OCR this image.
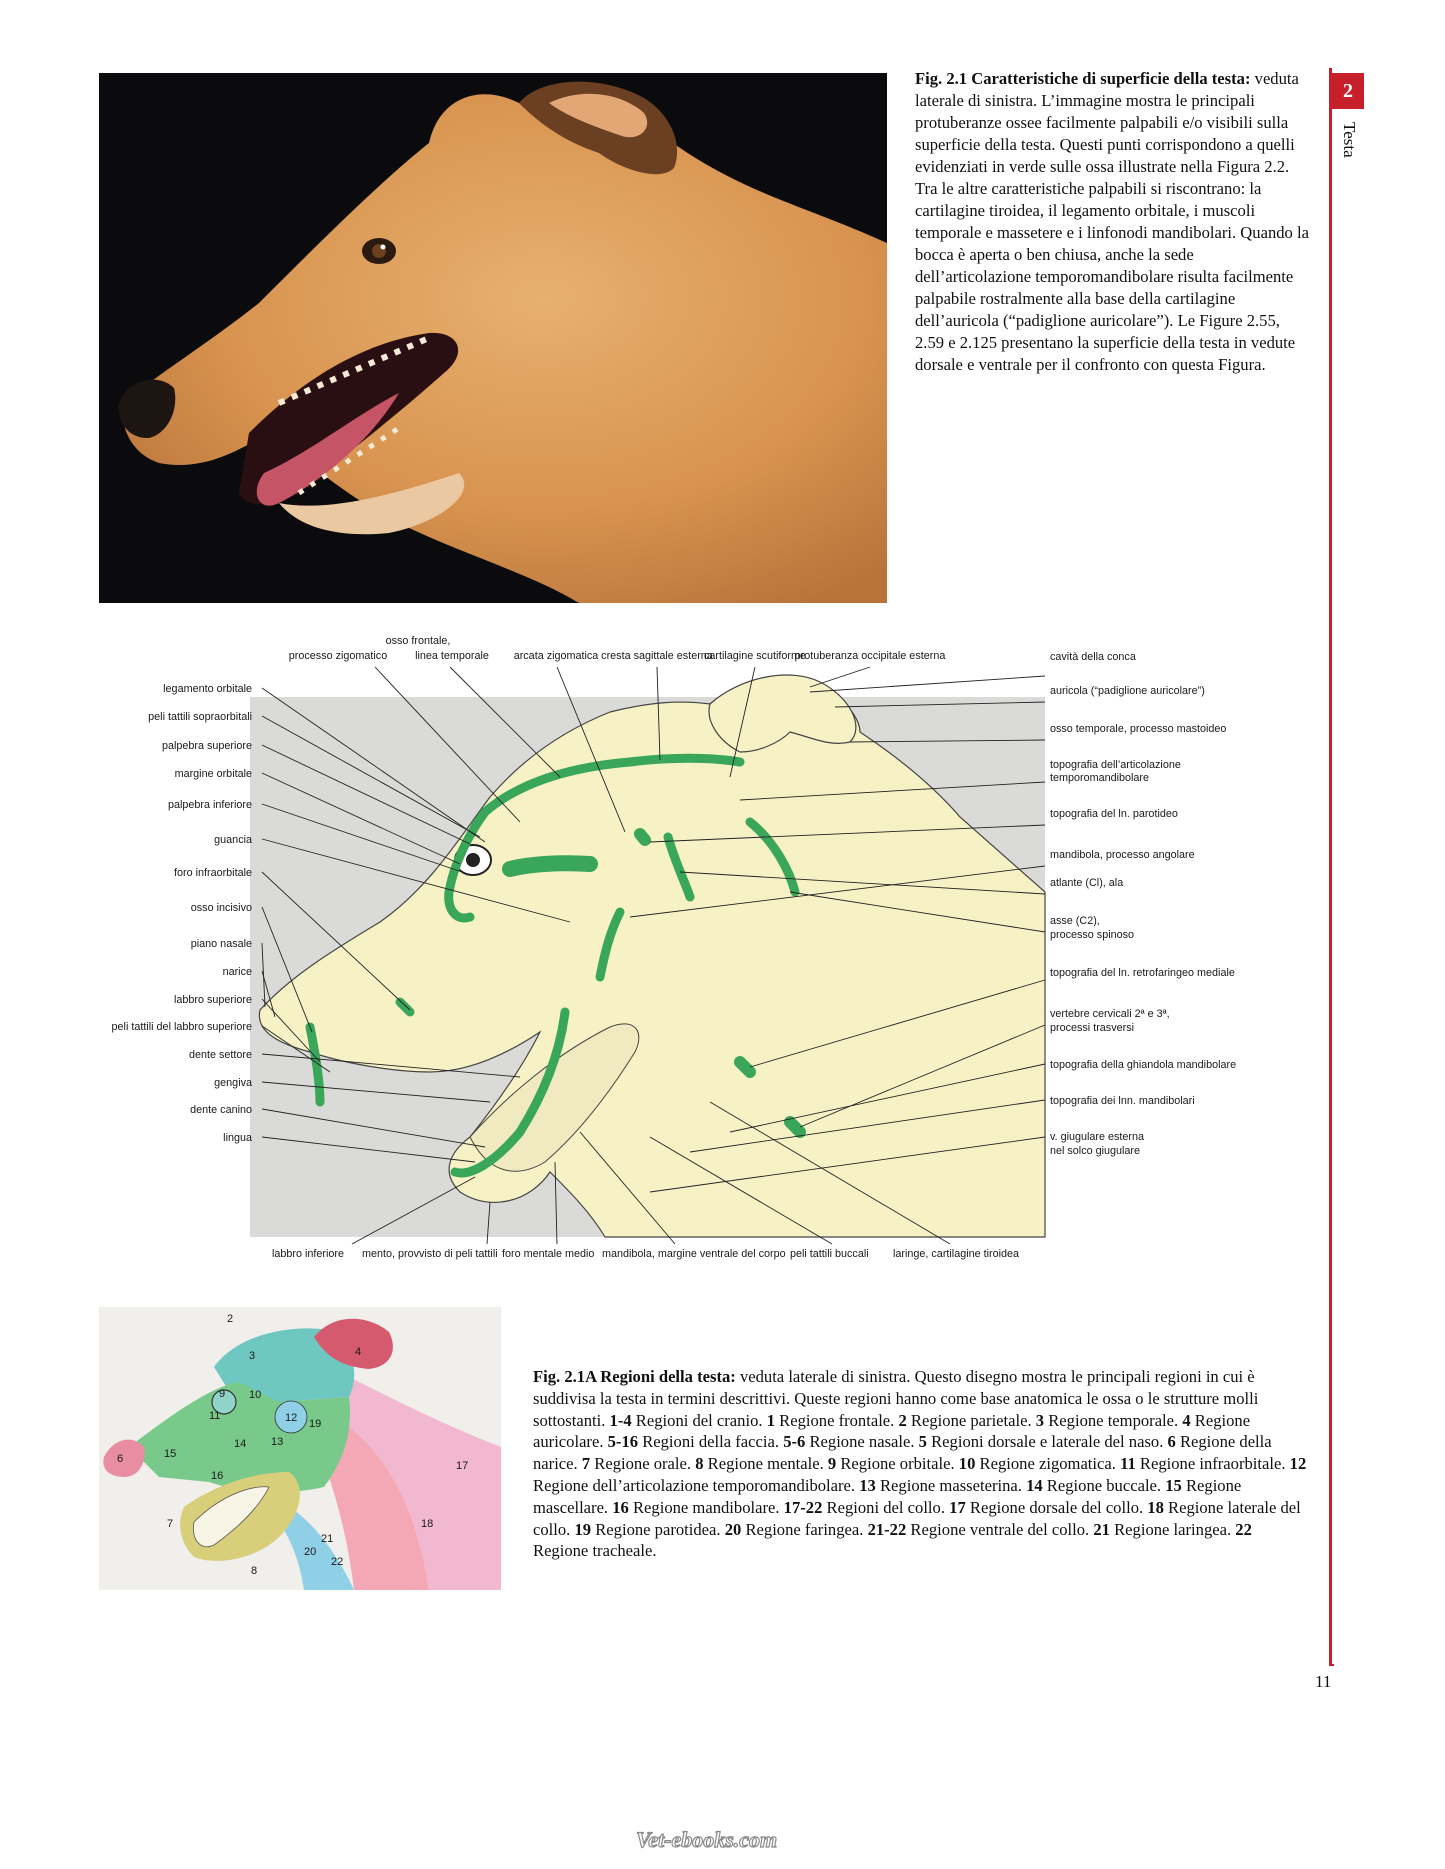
Fig. 2.1 Caratteristiche di superficie della testa: veduta laterale di sinistra. L’immagine mostra le principali protuberanze ossee facilmente palpabili e/o visibili sulla superficie della testa. Questi punti corrispondono a quelli evidenziati in verde sulle ossa illustrate nella Figura 2.2. Tra le altre caratteristiche palpabili si riscontrano: la cartilagine tiroidea, il legamento orbitale, i muscoli temporale e massetere e i linfonodi mandibolari. Quando la bocca è aperta o ben chiusa, anche la sede dell’articolazione temporomandibolare risulta facilmente palpabile rostralmente alla base della cartilagine dell’auricola (“padiglione auricolare”). Le Figure 2.55, 2.59 e 2.125 presentano la superficie della testa in vedute dorsale e ventrale per il confronto con questa Figura.
2
Testa
osso frontale,
processo zigomatico	linea temporale arcata zigomatica cresta sagittale esterna
cartilagine scutiforme
protuberanza occipitale esterna
legamento orbitale
peli tattili sopraorbitali
palpebra superiore
margine orbitale
palpebra inferiore
guancia
foro infraorbitale
osso incisivo
piano nasale
narice
labbro superiore
peli tattili del labbro superiore
dente settore
gengiva
dente canino
lingua
cavità della conca
auricola (“padiglione auricolare”)
osso temporale, processo mastoideo
topografia dell’articolazione
temporomandibolare
topografia del ln. parotideo
mandibola, processo angolare
atlante (Cl), ala
asse (C2),
processo spinoso
topografia del ln. retrofaringeo mediale
vertebre cervicali 2ª e 3ª,
processi trasversi
topografia della ghiandola mandibolare
topografia dei lnn. mandibolari
v. giugulare esterna
nel solco giugulare
labbro inferiore mento, provvisto di peli tattili foro mentale medio mandibola, margine ventrale del corpo peli tattili buccali laringe, cartilagine tiroidea
2
3	4
9 10
11	12 19
13
14
15
6
16
17
18
7
20
21
22
8
Fig. 2.1A Regioni della testa: veduta laterale di sinistra. Questo disegno mostra le principali regioni in cui è suddivisa la testa in termini descrittivi. Queste regioni hanno come base anatomica le ossa o le strutture molli sottostanti. 1-4 Regioni del cranio. 1 Regione frontale. 2 Regione parietale. 3 Regione temporale. 4 Regione auricolare. 5-16 Regioni della faccia. 5-6 Regione nasale. 5 Regioni dorsale e laterale del naso. 6 Regione della narice. 7 Regione orale. 8 Regione mentale. 9 Regione orbitale. 10 Regione zigomatica. 11 Regione infraorbitale. 12 Regione dell’articolazione temporomandibolare. 13 Regione masseterina. 14 Regione buccale. 15 Regione mascellare. 16 Regione mandibolare. 17-22 Regioni del collo. 17 Regione dorsale del collo. 18 Regione laterale del collo. 19 Regione parotidea. 20 Regione faringea. 21-22 Regione ventrale del collo. 21 Regione laringea. 22 Regione tracheale.
11
Vet-ebooks.com
